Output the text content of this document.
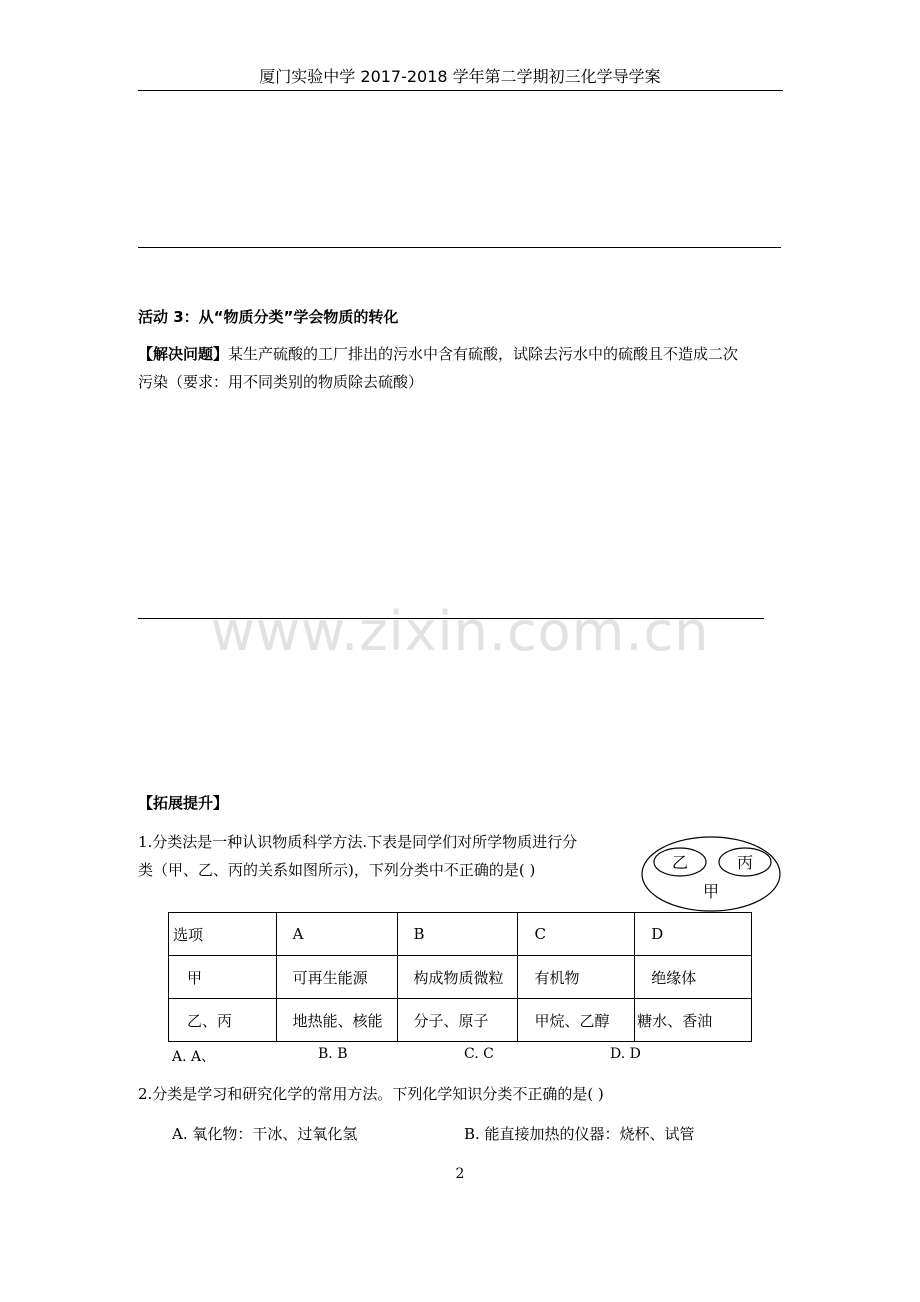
厦门实验中学 2017-2018 学年第二学期初三化学导学案
活动 3：从“物质分类”学会物质的转化
【解决问题】某生产硫酸的工厂排出的污水中含有硫酸，试除去污水中的硫酸且不造成二次
污染（要求：用不同类别的物质除去硫酸）
www.zixin.com.cn
【拓展提升】
1.分类法是一种认识物质科学方法.下表是同学们对所学物质进行分
类（甲、乙、丙的关系如图所示)，下列分类中不正确的是( )	乙	丙
甲
选项	A	B	C	D
甲	可再生能源	构成物质微粒	有机物	绝缘体
乙、丙	地热能、核能	分子、原子	甲烷、乙醇	糖水、香油
A. A、	B. B	C. C	D. D
2.分类是学习和研究化学的常用方法。下列化学知识分类不正确的是( )
A. 氧化物：干冰、过氧化氢	B. 能直接加热的仪器：烧杯、试管
2
